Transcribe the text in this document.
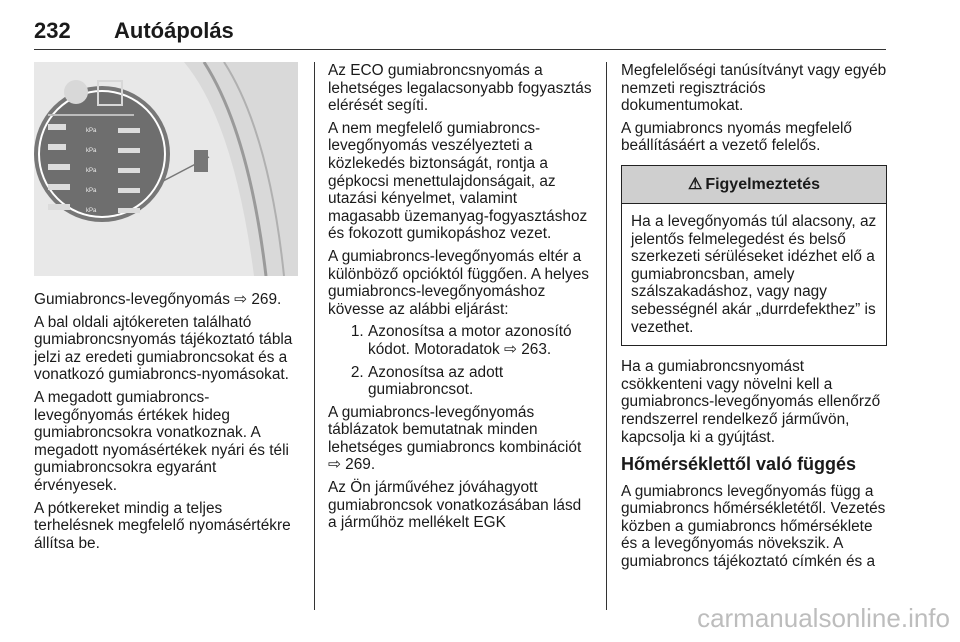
232 Autóápolás
kPa
kPa
kPa
kPa
kPa

Gumiabroncs-levegőnyomás ⇨ 269.

A bal oldali ajtókereten található gumiabroncsnyomás tájékoztató tábla jelzi az eredeti gumiabroncsokat és a vonatkozó gumiabroncs-nyomásokat.

A megadott gumiabroncs-levegőnyomás értékek hideg gumiabroncsokra vonatkoznak. A megadott nyomásértékek nyári és téli gumiabroncsokra egyaránt érvényesek.

A pótkereket mindig a teljes terhelésnek megfelelő nyomásértékre állítsa be.

Az ECO gumiabroncsnyomás a lehetséges legalacsonyabb fogyasztás elérését segíti.

A nem megfelelő gumiabroncs-levegőnyomás veszélyezteti a közlekedés biztonságát, rontja a gépkocsi menettulajdonságait, az utazási kényelmet, valamint magasabb üzemanyag-fogyasztáshoz és fokozott gumikopáshoz vezet.

A gumiabroncs-levegőnyomás eltér a különböző opcióktól függően. A helyes gumiabroncs-levegőnyomáshoz kövesse az alábbi eljárást:

1. Azonosítsa a motor azonosító kódot. Motoradatok ⇨ 263.
2. Azonosítsa az adott gumiabroncsot.

A gumiabroncs-levegőnyomás táblázatok bemutatnak minden lehetséges gumiabroncs kombinációt ⇨ 269.

Az Ön járművéhez jóváhagyott gumiabroncsok vonatkozásában lásd a járműhöz mellékelt EGK

Megfelelőségi tanúsítványt vagy egyéb nemzeti regisztrációs dokumentumokat.

A gumiabroncs nyomás megfelelő beállításáért a vezető felelős.

⚠ Figyelmeztetés

Ha a levegőnyomás túl alacsony, az jelentős felmelegedést és belső szerkezeti sérüléseket idézhet elő a gumiabroncsban, amely szálszakadáshoz, vagy nagy sebességnél akár „durrdefekthez” is vezethet.

Ha a gumiabroncsnyomást csökkenteni vagy növelni kell a gumiabroncs-levegőnyomás ellenőrző rendszerrel rendelkező járművön, kapcsolja ki a gyújtást.

Hőmérséklettől való függés

A gumiabroncs levegőnyomás függ a gumiabroncs hőmérsékletétől. Vezetés közben a gumiabroncs hőmérséklete és a levegőnyomás növekszik. A gumiabroncs tájékoztató címkén és a

carmanualsonline.info
